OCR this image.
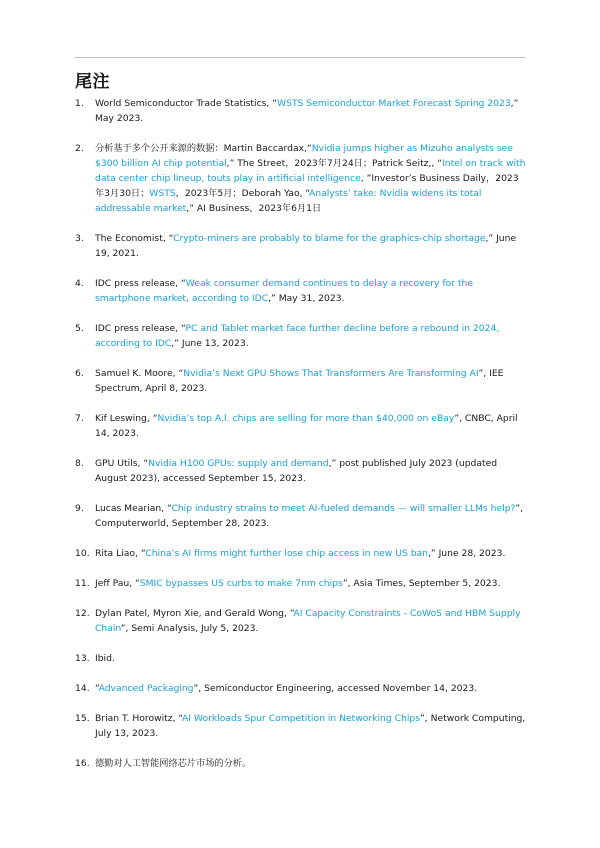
尾注
1. World Semiconductor Trade Statistics, “WSTS Semiconductor Market Forecast Spring 2023,” May 2023.
2. 分析基于多个公开来源的数据：Martin Baccardax,“Nvidia jumps higher as Mizuho analysts see $300 billion AI chip potential,” The Street，2023年7月24日；Patrick Seitz,, “Intel on track with data center chip lineup, touts play in artificial intelligence, ”Investor’s Business Daily，2023年3月30日；WSTS，2023年5月；Deborah Yao, “Analysts’ take: Nvidia widens its total addressable market,” AI Business，2023年6月1日
3. The Economist, “Crypto-miners are probably to blame for the graphics-chip shortage,” June 19, 2021.
4. IDC press release, “Weak consumer demand continues to delay a recovery for the smartphone market, according to IDC,” May 31, 2023.
5. IDC press release, “PC and Tablet market face further decline before a rebound in 2024, according to IDC,” June 13, 2023.
6. Samuel K. Moore, “Nvidia’s Next GPU Shows That Transformers Are Transforming AI”, IEE Spectrum, April 8, 2023.
7. Kif Leswing, “Nvidia’s top A.I. chips are selling for more than $40,000 on eBay”, CNBC, April 14, 2023.
8. GPU Utils, “Nvidia H100 GPUs: supply and demand,” post published July 2023 (updated August 2023), accessed September 15, 2023.
9. Lucas Mearian, “Chip industry strains to meet AI-fueled demands — will smaller LLMs help?”, Computerworld, September 28, 2023.
10. Rita Liao, “China’s AI firms might further lose chip access in new US ban,” June 28, 2023.
11. Jeff Pau, “SMIC bypasses US curbs to make 7nm chips”, Asia Times, September 5, 2023.
12. Dylan Patel, Myron Xie, and Gerald Wong, “AI Capacity Constraints - CoWoS and HBM Supply Chain”, Semi Analysis, July 5, 2023.
13. Ibid.
14. “Advanced Packaging”, Semiconductor Engineering, accessed November 14, 2023.
15. Brian T. Horowitz, “AI Workloads Spur Competition in Networking Chips”, Network Computing, July 13, 2023.
16. 德勤对人工智能网络芯片市场的分析。
